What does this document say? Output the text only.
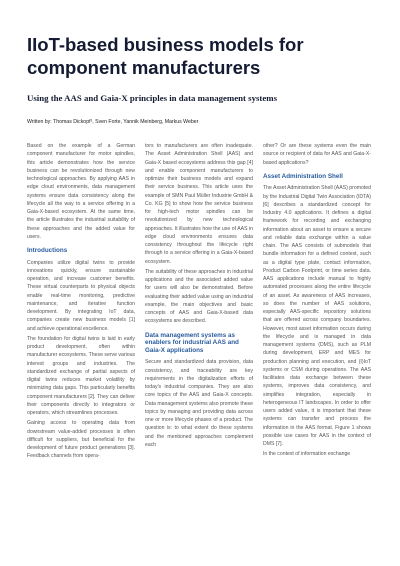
IIoT-based business models for component manufacturers
Using the AAS and Gaia-X principles in data management systems
Written by: Thomas Dickopf¹, Sven Forte, Yannik Meinberg, Markus Weber

Based on the example of a German component manufacturer for motor spindles, this article demonstrates how the service business can be revolutionized through new technological approaches. By applying AAS in edge cloud environments, data management systems ensure data consistency along the lifecycle all the way to a service offering in a Gaia-X-based ecosystem. At the same time, the article illustrates the industrial suitability of these approaches and the added value for users.

Introductions

Companies utilize digital twins to provide innovations quickly, ensure sustainable operation, and increase customer benefits. These virtual counterparts to physical objects enable real-time monitoring, predictive maintenance, and iterative function development. By integrating IoT data, companies create new business models [1] and achieve operational excellence.

The foundation for digital twins is laid in early product development, often within manufacturer ecosystems. These serve various interest groups and industries. The standardized exchange of partial aspects of digital twins reduces market volatility by minimizing data gaps. This particularly benefits component manufacturers [2]. They can deliver their components directly to integrators or operators, which streamlines processes.

Gaining access to operating data from downstream value-added processes is often difficult for suppliers, but beneficial for the development of future product generations [3]. Feedback channels from opera-

tors to manufacturers are often inadequate. The Asset Administration Shell (AAS) and Gaia-X based ecosystems address this gap [4] and enable component manufacturers to optimize their business models and expand their service business. This article uses the example of SMN Paul Müller Industrie GmbH & Co. KG [5] to show how the service business for high-tech motor spindles can be revolutionized by new technological approaches. It illustrates how the use of AAS in edge cloud environments ensures data consistency throughout the lifecycle right through to a service offering in a Gaia-X-based ecosystem.

The suitability of these approaches in industrial applications and the associated added value for users will also be demonstrated. Before evaluating their added value using an industrial example, the main objectives and basic concepts of AAS and Gaia-X-based data ecosystems are described.

Data management systems as enablers for industrial AAS and Gaia-X applications

Secure and standardized data provision, data consistency, and traceability are key requirements in the digitalization efforts of today's industrial companies. They are also core topics of the AAS and Gaia-X concepts. Data management systems also promote these topics by managing and providing data across one or more lifecycle phases of a product. The question is: to what extent do these systems and the mentioned approaches complement each

other? Or are these systems even the main source or recipient of data for AAS and Gaia-X-based applications?

Asset Administration Shell

The Asset Administration Shell (AAS) promoted by the Industrial Digital Twin Association (IDTA) [6] describes a standardized concept for Industry 4.0 applications. It defines a digital framework for recording and exchanging information about an asset to ensure a secure and reliable data exchange within a value chain. The AAS consists of submodels that bundle information for a defined context, such as a digital type plate, contact information, Product Carbon Footprint, or time series data. AAS applications include manual to highly automated processes along the entire lifecycle of an asset. As awareness of AAS increases, so does the number of AAS solutions, especially AAS-specific repository solutions that are offered across company boundaries. However, most asset information occurs during the lifecycle and is managed in data management systems (DMS), such as PLM during development, ERP and MES for production planning and execution, and (I)IoT systems or CSM during operations. The AAS facilitates data exchange between these systems, improves data consistency, and simplifies integration, especially in heterogeneous IT landscapes. In order to offer users added value, it is important that these systems can transfer and process the information in the AAS format. Figure 1 shows possible use cases for AAS in the context of DMS [7].

In the context of information exchange
